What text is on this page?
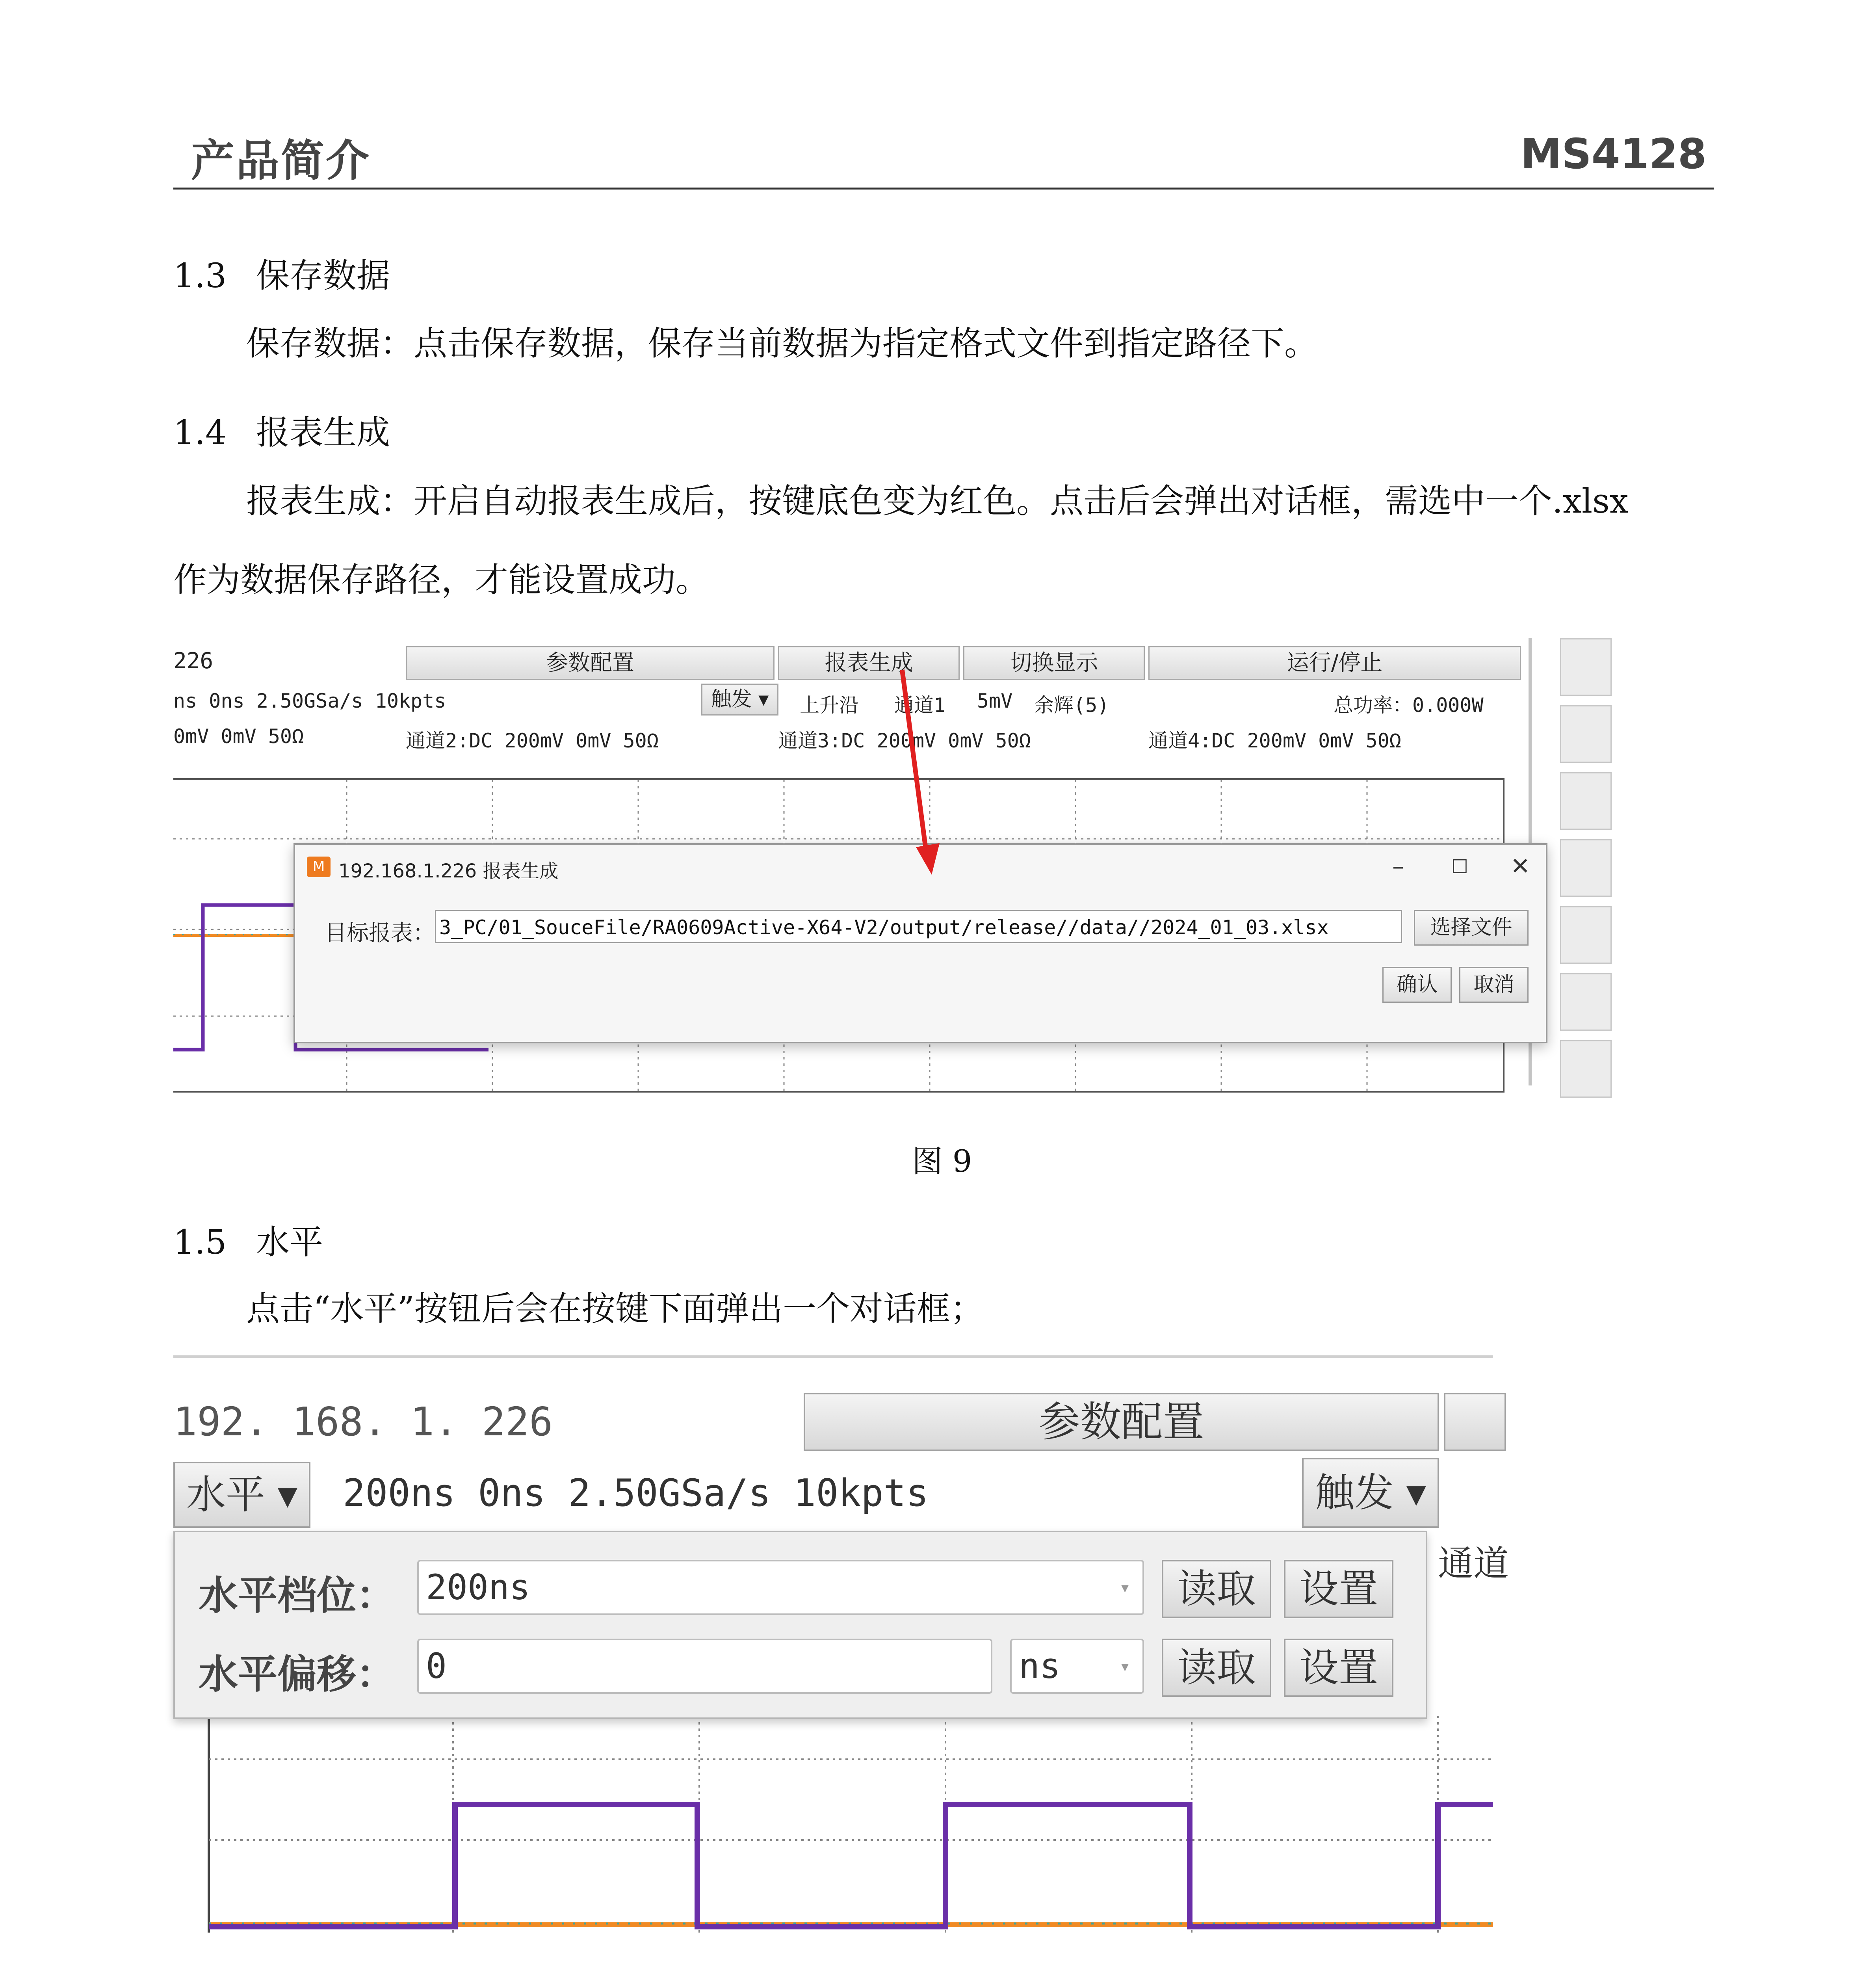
产品简介	MS4128
1.3 保存数据
保存数据：点击保存数据，保存当前数据为指定格式文件到指定路径下。
1.4 报表生成
报表生成：开启自动报表生成后，按键底色变为红色。点击后会弹出对话框，需选中一个.xlsx
作为数据保存路径，才能设置成功。
226	参数配置	报表生成	切换显示	运行/停止
ns 0ns 2.50GSa/s 10kpts	触发 ▾	上升沿 通道1 5mV 余辉(5)	总功率：0.000W
0mV 0mV 50Ω	通道2:DC 200mV 0mV 50Ω	通道3:DC 200mV 0mV 50Ω	通道4:DC 200mV 0mV 50Ω
M 192.168.1.226 报表生成	–	☐ ✕
目标报表： 3_PC/01_SouceFile/RA0609Active-X64-V2/output/release//data//2024_01_03.xlsx	选择文件
确认	取消
图 9
1.5 水平
点击“水平”按钮后会在按键下面弹出一个对话框；
192. 168. 1. 226	参数配置
水平 ▾	200ns 0ns 2.50GSa/s 10kpts	触发 ▾
通道
水平档位： 200ns	▾	读取	设置
水平偏移： 0	ns	▾	读取	设置
